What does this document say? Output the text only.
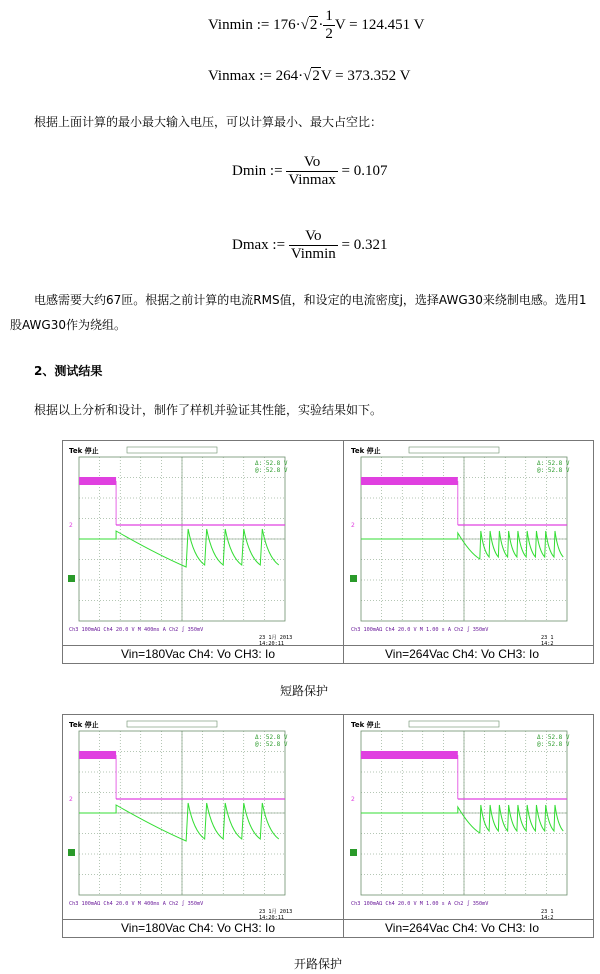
Vinmin := $176\cdot√2\cdot \frac{1}{2}$ V = 124.451 V
Vinmax := 264·√2V = 373.352 V
根据上面计算的最小最大输入电压，可以计算最小、最大占空比：
Dmin := $\frac{Vo}{\text{Vinmax}} = 0.107$
Dmax := $\frac{Vo}{\text{Vinmin}} = 0.321$
电感需要大约67匝。根据之前计算的电流RMS值，和设定的电流密度j，选择AWG30来绕制电感。选用1股AWG30作为绕组。
2、测试结果
根据以上分析和设计，制作了样机并验证其性能，实验结果如下。
Tek 停止
Δ: 52.8 V
@: 52.8 V
2
Ch3 100mAΩ Ch4 20.0 V M 400ms A Ch2 ∫ 350mV
23 1月 2013
14:20:11
Tek 停止
Δ: 52.8 V
@: 52.8 V
2
Ch3 100mAΩ Ch4 20.0 V M 1.00 s A Ch2 ∫ 350mV
23 1
14:2
Vin=180Vac Ch4: Vo CH3: Io	Vin=264Vac Ch4: Vo CH3: Io
短路保护
Tek 停止
Δ: 52.8 V
@: 52.8 V
2
Ch3 100mAΩ Ch4 20.0 V M 400ms A Ch2 ∫ 350mV
23 1月 2013
14:20:11
Tek 停止
Δ: 52.8 V
@: 52.8 V
2
Ch3 100mAΩ Ch4 20.0 V M 1.00 s A Ch2 ∫ 350mV
23 1
14:2
Vin=180Vac Ch4: Vo CH3: Io	Vin=264Vac Ch4: Vo CH3: Io
开路保护
